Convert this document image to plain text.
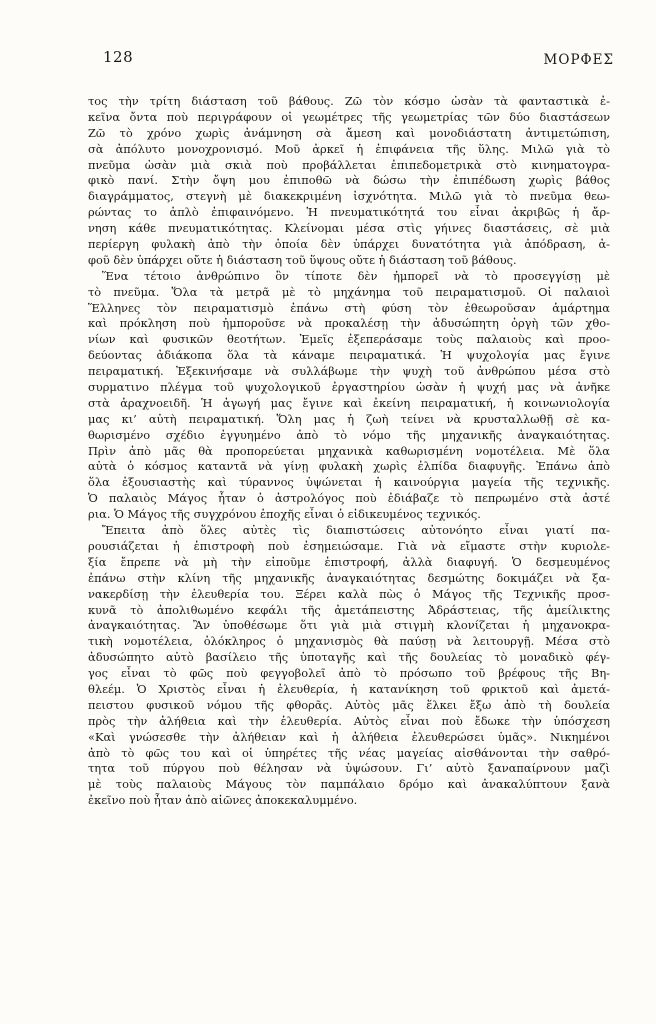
128	ΜΟΡΦΕΣ
τος τὴν τρίτη διάσταση τοῦ βάθους. Ζῶ τὸν κόσμο ὡσὰν τὰ φανταστικὰ ἐ-
κεῖνα ὄντα ποὺ περιγράφουν οἱ γεωμέτρες τῆς γεωμετρίας τῶν δύο διαστάσεων
Ζῶ τὸ χρόνο χωρὶς ἀνάμνηση σὰ ἄμεση καὶ μονοδιάστατη ἀντιμετώπιση,
σὰ ἀπόλυτο μονοχρονισμό. Μοῦ ἀρκεῖ ἡ ἐπιφάνεια τῆς ὕλης. Μιλῶ γιὰ τὸ
πνεῦμα ὡσὰν μιὰ σκιὰ ποὺ προβάλλεται ἐπιπεδομετρικὰ στὸ κινηματογρα-
φικὸ πανί. Στὴν ὄψη μου ἐπιποθῶ νὰ δώσω τὴν ἐπιπέδωση χωρὶς βάθος
διαγράμματος, στεγνὴ μὲ διακεκριμένη ἰσχνότητα. Μιλῶ γιὰ τὸ πνεῦμα θεω-
ρώντας το ἁπλὸ ἐπιφαινόμενο. Ἡ πνευματικότητά του εἶναι ἀκριβῶς ἡ ἄρ-
νηση κάθε πνευματικότητας. Κλείνομαι μέσα στὶς γήινες διαστάσεις, σὲ μιὰ
περίεργη φυλακὴ ἀπὸ τὴν ὁποία δὲν ὑπάρχει δυνατότητα γιὰ ἀπόδραση, ἀ-
φοῦ δὲν ὑπάρχει οὔτε ἡ διάσταση τοῦ ὕψους οὔτε ἡ διάσταση τοῦ βάθους.
Ἕνα τέτοιο ἀνθρώπινο ὂν τίποτε δὲν ἠμπορεῖ νὰ τὸ προσεγγίσῃ μὲ
τὸ πνεῦμα. Ὅλα τὰ μετρᾶ μὲ τὸ μηχάνημα τοῦ πειραματισμοῦ. Οἱ παλαιοὶ
Ἕλληνες τὸν πειραματισμὸ ἐπάνω στὴ φύση τὸν ἐθεωροῦσαν ἁμάρτημα
καὶ πρόκληση ποὺ ἠμποροῦσε νὰ προκαλέσῃ τὴν ἀδυσώπητη ὀργὴ τῶν χθο-
νίων καὶ φυσικῶν θεοτήτων. Ἐμεῖς ἐξεπεράσαμε τοὺς παλαιοὺς καὶ προο-
δεύοντας ἀδιάκοπα ὅλα τὰ κάναμε πειραματικά. Ἡ ψυχολογία μας ἔγινε
πειραματική. Ἐξεκινήσαμε νὰ συλλάβωμε τὴν ψυχὴ τοῦ ἀνθρώπου μέσα στὸ
συρματινο πλέγμα τοῦ ψυχολογικοῦ ἐργαστηρίου ὡσὰν ἡ ψυχή μας νὰ ἀνῆκε
στὰ ἀραχνοειδῆ. Ἡ ἀγωγή μας ἔγινε καὶ ἐκείνη πειραματική, ἡ κοινωνιολογία
μας κι’ αὐτὴ πειραματική. Ὅλη μας ἡ ζωὴ τείνει νὰ κρυσταλλωθῇ σὲ κα-
θωρισμένο σχέδιο ἐγγυημένο ἀπὸ τὸ νόμο τῆς μηχανικῆς ἀναγκαιότητας.
Πρὶν ἀπὸ μᾶς θὰ προπορεύεται μηχανικὰ καθωρισμένη νομοτέλεια. Μὲ ὅλα
αὐτὰ ὁ κόσμος καταντᾶ νὰ γίνῃ φυλακὴ χωρὶς ἐλπίδα διαφυγῆς. Ἐπάνω ἀπὸ
ὅλα ἐξουσιαστὴς καὶ τύραννος ὑψώνεται ἡ καινούργια μαγεία τῆς τεχνικῆς.
Ὁ παλαιὸς Μάγος ἦταν ὁ ἀστρολόγος ποὺ ἐδιάβαζε τὸ πεπρωμένο στὰ ἀστέ
ρια. Ὁ Μάγος τῆς συγχρόνου ἐποχῆς εἶναι ὁ εἰδικευμένος τεχνικός.
Ἔπειτα ἀπὸ ὅλες αὐτὲς τὶς διαπιστώσεις αὐτονόητο εἶναι γιατί πα-
ρουσιάζεται ἡ ἐπιστροφὴ ποὺ ἐσημειώσαμε. Γιὰ νὰ εἴμαστε στὴν κυριολε-
ξία ἔπρεπε νὰ μὴ τὴν εἰποῦμε ἐπιστροφή, ἀλλὰ διαφυγή. Ὁ δεσμευμένος
ἐπάνω στὴν κλίνη τῆς μηχανικῆς ἀναγκαιότητας δεσμώτης δοκιμάζει νὰ ξα-
νακερδίσῃ τὴν ἐλευθερία του. Ξέρει καλὰ πὼς ὁ Μάγος τῆς Τεχνικῆς προσ-
κυνᾶ τὸ ἀπολιθωμένο κεφάλι τῆς ἀμετάπειστης Ἀδράστειας, τῆς ἀμείλικτης
ἀναγκαιότητας. Ἂν ὑποθέσωμε ὅτι γιὰ μιὰ στιγμὴ κλονίζεται ἡ μηχανοκρα-
τικὴ νομοτέλεια, ὁλόκληρος ὁ μηχανισμὸς θὰ παύσῃ νὰ λειτουργῇ. Μέσα στὸ
ἀδυσώπητο αὐτὸ βασίλειο τῆς ὑποταγῆς καὶ τῆς δουλείας τὸ μοναδικὸ φέγ-
γος εἶναι τὸ φῶς ποὺ φεγγοβολεῖ ἀπὸ τὸ πρόσωπο τοῦ βρέφους τῆς Βη-
θλεέμ. Ὁ Χριστὸς εἶναι ἡ ἐλευθερία, ἡ κατανίκηση τοῦ φρικτοῦ καὶ ἀμετά-
πειστου φυσικοῦ νόμου τῆς φθορᾶς. Αὐτὸς μᾶς ἕλκει ἔξω ἀπὸ τὴ δουλεία
πρὸς τὴν ἀλήθεια καὶ τὴν ἐλευθερία. Αὐτὸς εἶναι ποὺ ἔδωκε τὴν ὑπόσχεση
«Καὶ γνώσεσθε τὴν ἀλήθειαν καὶ ἡ ἀλήθεια ἐλευθερώσει ὑμᾶς». Νικημένοι
ἀπὸ τὸ φῶς του καὶ οἱ ὑπηρέτες τῆς νέας μαγείας αἰσθάνονται τὴν σαθρό-
τητα τοῦ πύργου ποὺ θέλησαν νὰ ὑψώσουν. Γι’ αὐτὸ ξαναπαίρνουν μαζὶ
μὲ τοὺς παλαιοὺς Μάγους τὸν παμπάλαιο δρόμο καὶ ἀνακαλύπτουν ξανὰ
ἐκεῖνο ποὺ ἦταν ἀπὸ αἰῶνες ἀποκεκαλυμμένο.
